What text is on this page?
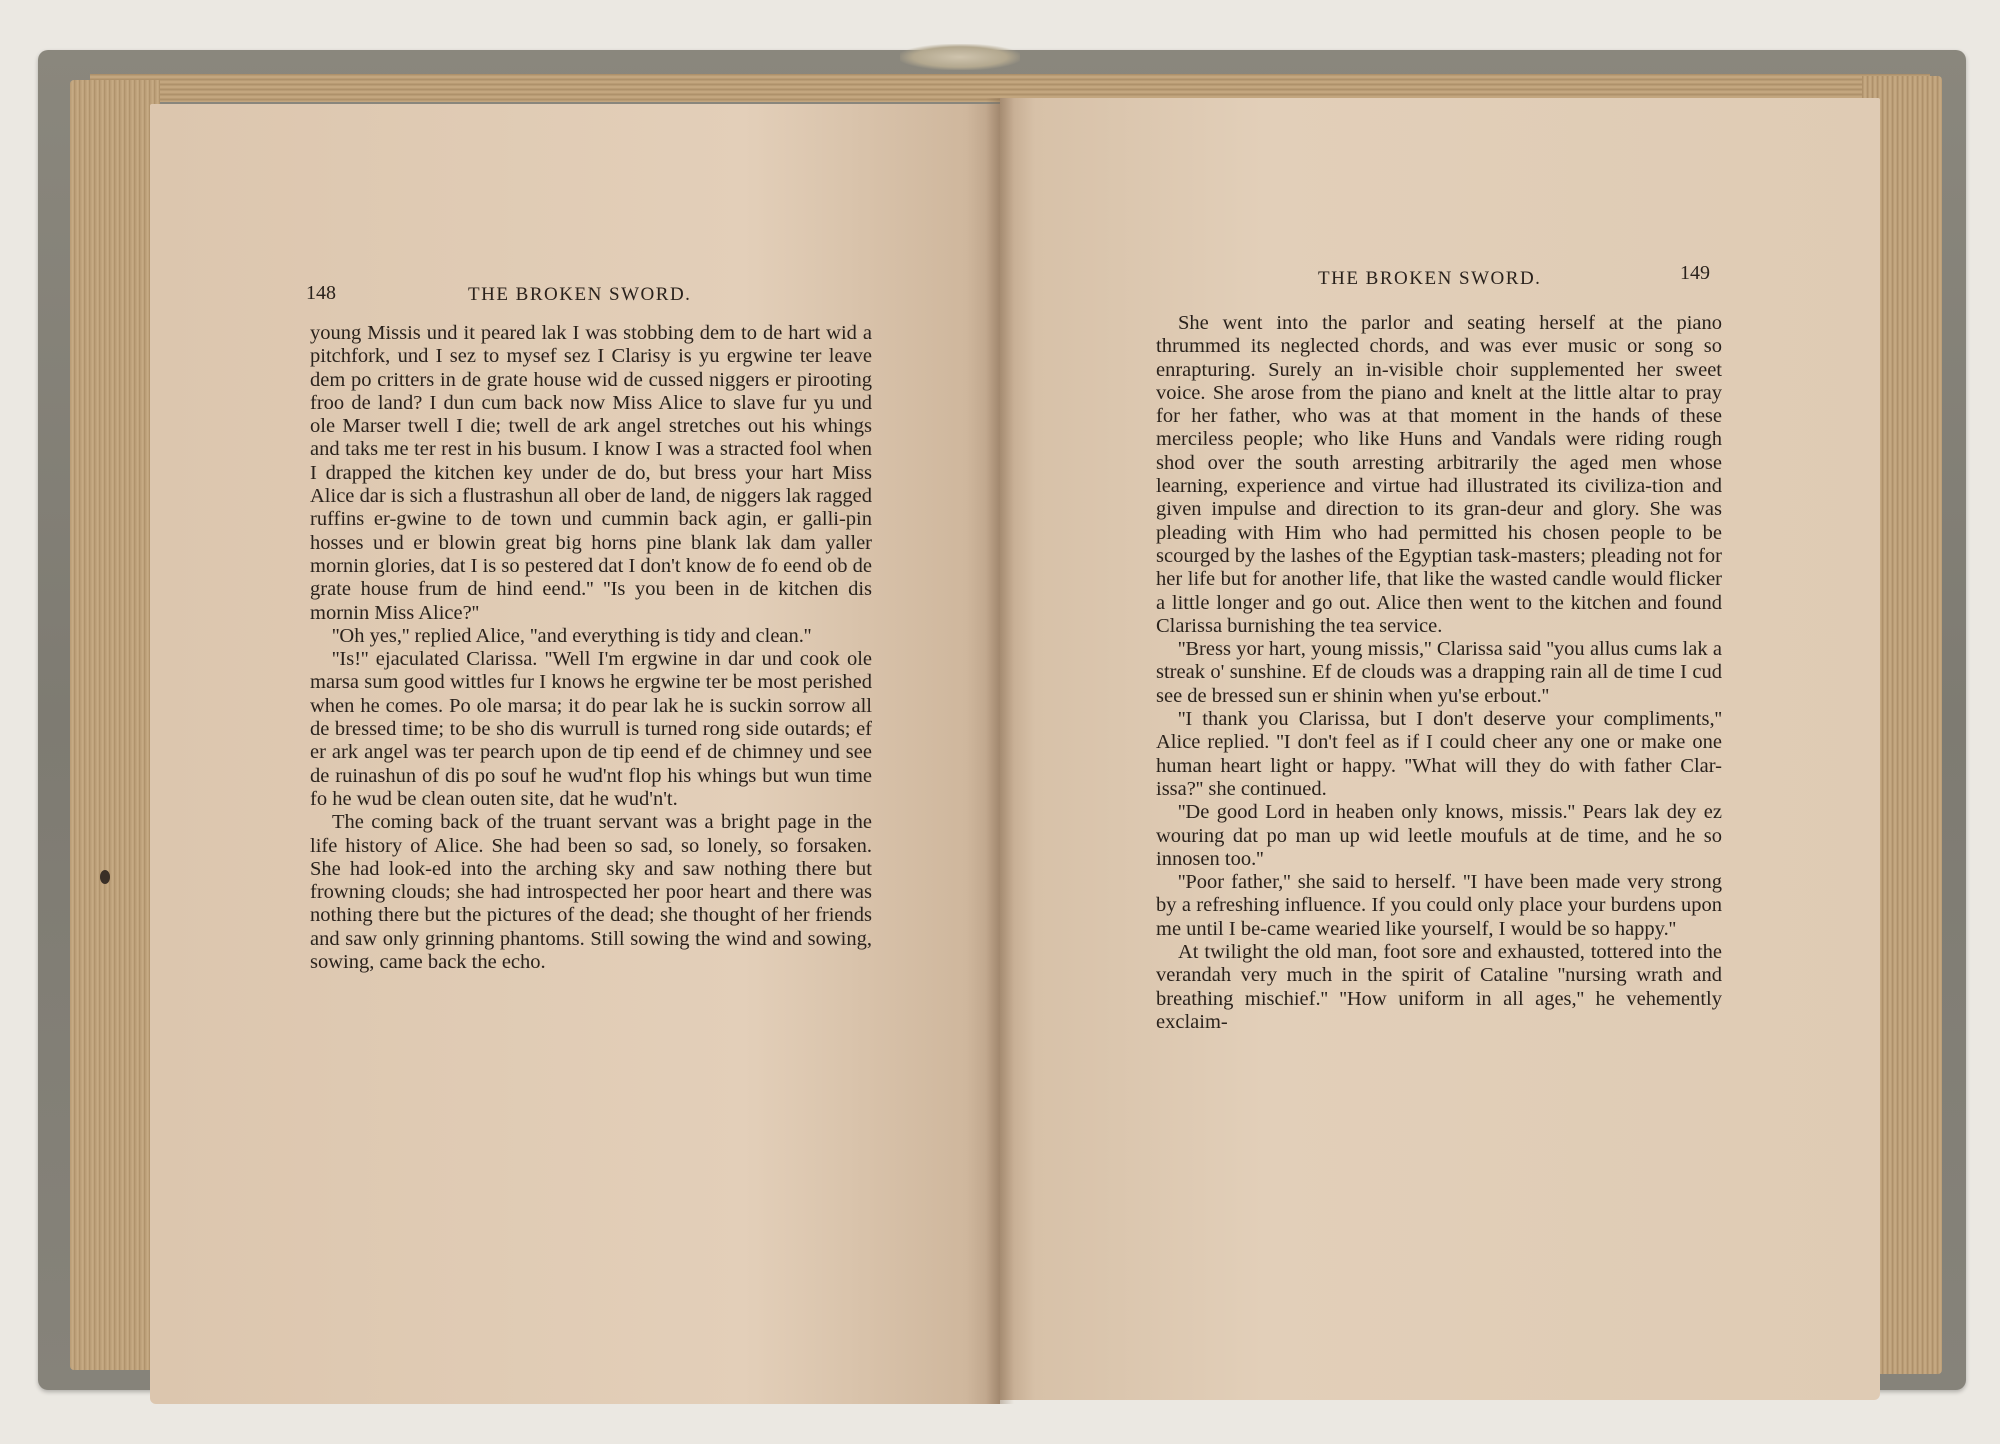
148	THE BROKEN SWORD.

young Missis und it peared lak I was stobbing dem to de hart wid a pitchfork, und I sez to mysef sez I Clarisy is yu ergwine ter leave dem po critters in de grate house wid de cussed niggers er pirooting froo de land? I dun cum back now Miss Alice to slave fur yu und ole Marser twell I die; twell de ark angel stretches out his whings and taks me ter rest in his busum. I know I was a stracted fool when I drapped the kitchen key under de do, but bress your hart Miss Alice dar is sich a flustrashun all ober de land, de niggers lak ragged ruffins er-gwine to de town und cummin back agin, er galli-pin hosses und er blowin great big horns pine blank lak dam yaller mornin glories, dat I is so pestered dat I don't know de fo eend ob de grate house frum de hind eend.'' ''Is you been in de kitchen dis mornin Miss Alice?''

''Oh yes,'' replied Alice, ''and everything is tidy and clean.''

''Is!'' ejaculated Clarissa. ''Well I'm ergwine in dar und cook ole marsa sum good wittles fur I knows he ergwine ter be most perished when he comes. Po ole marsa; it do pear lak he is suckin sorrow all de bressed time; to be sho dis wurrull is turned rong side outards; ef er ark angel was ter pearch upon de tip eend ef de chimney und see de ruinashun of dis po souf he wud'nt flop his whings but wun time fo he wud be clean outen site, dat he wud'n't.

The coming back of the truant servant was a bright page in the life history of Alice. She had been so sad, so lonely, so forsaken. She had look-ed into the arching sky and saw nothing there but frowning clouds; she had introspected her poor heart and there was nothing there but the pictures of the dead; she thought of her friends and saw only grinning phantoms. Still sowing the wind and sowing, sowing, came back the echo.

THE BROKEN SWORD.	149

She went into the parlor and seating herself at the piano thrummed its neglected chords, and was ever music or song so enrapturing. Surely an in-visible choir supplemented her sweet voice. She arose from the piano and knelt at the little altar to pray for her father, who was at that moment in the hands of these merciless people; who like Huns and Vandals were riding rough shod over the south arresting arbitrarily the aged men whose learning, experience and virtue had illustrated its civiliza-tion and given impulse and direction to its gran-deur and glory. She was pleading with Him who had permitted his chosen people to be scourged by the lashes of the Egyptian task-masters; pleading not for her life but for another life, that like the wasted candle would flicker a little longer and go out. Alice then went to the kitchen and found Clarissa burnishing the tea service.

''Bress yor hart, young missis,'' Clarissa said ''you allus cums lak a streak o' sunshine. Ef de clouds was a drapping rain all de time I cud see de bressed sun er shinin when yu'se erbout.''

''I thank you Clarissa, but I don't deserve your compliments,'' Alice replied. ''I don't feel as if I could cheer any one or make one human heart light or happy. ''What will they do with father Clar-issa?'' she continued.

''De good Lord in heaben only knows, missis.'' Pears lak dey ez wouring dat po man up wid leetle moufuls at de time, and he so innosen too.''

''Poor father,'' she said to herself. ''I have been made very strong by a refreshing influence. If you could only place your burdens upon me until I be-came wearied like yourself, I would be so happy.''

At twilight the old man, foot sore and exhausted, tottered into the verandah very much in the spirit of Cataline ''nursing wrath and breathing mischief.'' ''How uniform in all ages,'' he vehemently exclaim-
